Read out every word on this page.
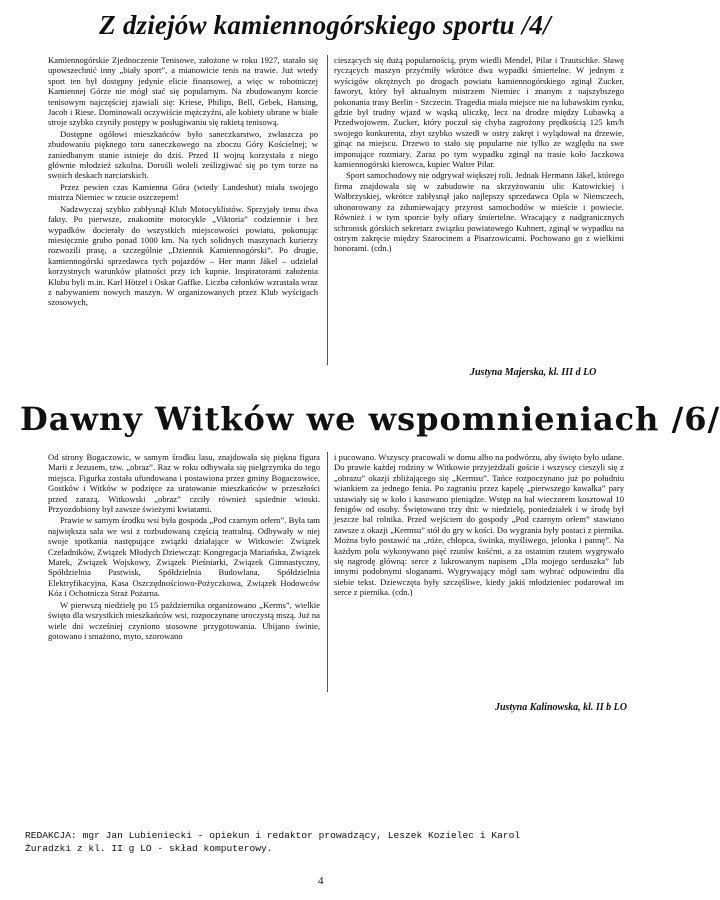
Z dziejów kamiennogórskiego sportu /4/

Kamiennogórskie Zjednoczenie Tenisowe, założone w roku 1927, starało się upowszechnić inny „biały sport”, a mianowicie tenis na trawie. Już wtedy sport ten był dostępny jedynie elicie finansowej, a więc w robotniczej Kamiennej Górze nie mógł stać się popularnym. Na zbudowanym korcie tenisowym najczęściej zjawiali się: Kriese, Philips, Bell, Gebek, Hansing, Jacob i Riese. Dominowali oczywiście mężczyźni, ale kobiety ubrane w białe stroje szybko czyniły postępy w posługiwaniu się rakietą tenisową.

Dostępne ogółowi mieszkańców było saneczkarstwo, zwłaszcza po zbudowaniu pięknego toru saneczkowego na zboczu Góry Kościelnej; w zaniedbanym stanie istnieje do dziś. Przed II wojną korzystała z niego głównie młodzież szkolna. Dorośli woleli ześlizgiwać się po tym torze na swoich deskach narciarskich.

Przez pewien czas Kamienna Góra (wtedy Landeshut) miała swojego mistrza Niemiec w rzucie oszczepem!

Nadzwyczaj szybko zabłysnął Klub Motocyklistów. Sprzyjały temu dwa fakty. Po pierwsze, znakomite motocykle „Viktoria” codziennie i bez wypadków docierały do wszystkich miejscowości powiatu, pokonując miesięcznie grubo ponad 1000 km. Na tych solidnych maszynach kurierzy rozwozili prasę, a szczególnie „Dziennik Kamiennogórski”. Po drugie, kamiennogórski sprzedawca tych pojazdów – Her mann Jäkel – udzielał korzystnych warunków płatności przy ich kupnie. Inspiratorami założenia Klubu byli m.in. Karl Hötzel i Oskar Gaffke. Liczba członków wzrastała wraz z nabywaniem nowych maszyn. W organizowanych przez Klub wyścigach szosowych,

cieszących się dużą popularnością, prym wiedli Mendel, Pilar i Trautschke. Sławę ryczących maszyn przyćmiły wkrótce dwa wypadki śmiertelne. W jednym z wyścigów okrężnych po drogach powiatu kamiennogórskiego zginął Zucker, faworyt, który był aktualnym mistrzem Niemiec i znanym z najszybszego pokonania trasy Berlin - Szczecin. Tragedia miała miejsce nie na lubawskim rynku, gdzie był trudny wjazd w wąską uliczkę, lecz na drodze między Lubawką a Przedwojowem. Zucker, który poczuł się chyba zagrożony prędkością 125 km/h swojego konkurenta, zbyt szybko wszedł w ostry zakręt i wylądował na drzewie, ginąc na miejscu. Drzewo to stało się popularne nie tylko ze względu na swe imponujące rozmiary. Zaraz po tym wypadku zginął na trasie koło Jaczkowa kamiennogórski kierowca, kupiec Walter Pilar.

Sport samochodowy nie odgrywał większej roli. Jednak Hermann Jäkel, którego firma znajdowała się w zabudowie na skrzyżowaniu ulic Katowickiej i Wałbrzyskiej, wkrótce zabłysnął jako najlepszy sprzedawca Opla w Niemczech, uhonorowany za zdumiewający przyrost samochodów w mieście i powiecie. Również i w tym sporcie były ofiary śmiertelne. Wracający z nadgranicznych schronisk górskich sekretarz związku powiatowego Kuhnert, zginął w wypadku na ostrym zakręcie między Szarocinem a Pisarzowicami. Pochowano go z wielkimi honorami. (cdn.)

Justyna Majerska, kl. III d LO
Dawny Witków we wspomnieniach /6/

Od strony Bogaczowic, w samym środku lasu, znajdowała się piękna figura Marii z Jezusem, tzw. „obraz”. Raz w roku odbywała się pielgrzymka do tego miejsca. Figurka została ufundowana i postawiona przez gminy Bogaczowice, Gostków i Witków w podzięce za uratowanie mieszkańców w przeszłości przed zarazą. Witkowski „obraz” czciły również sąsiednie wioski. Przyozdobiony był zawsze świeżymi kwiatami.

Prawie w samym środku wsi była gospoda „Pod czarnym orłem”. Była tam największa sala we wsi z rozbudowaną częścią teatralną. Odbywały w niej swoje spotkania następujące związki działające w Witkowie: Związek Czeladników, Związek Młodych Dziewcząt: Kongregacja Mariańska, Związek Matek, Związek Wojskowy, Związek Pieśniarki, Związek Gimnastyczny, Spółdzielnia Pastwisk, Spółdzielnia Budowlana, Spółdzielnia Elektryfikacyjna, Kasa Oszczędnościowo-Pożyczkowa, Związek Hodowców Kóz i Ochotnicza Straż Pożarna.

W pierwszą niedzielę po 15 października organizowano „Kerms”, wielkie święto dla wszystkich mieszkańców wsi, rozpoczynane uroczystą mszą. Już na wiele dni wcześniej czyniono stosowne przygotowania. Ubijano świnie, gotowano i smażono, myto, szorowano

i pucowano. Wszyscy pracowali w domu albo na podwórzu, aby święto było udane. Do prawie każdej rodziny w Witkowie przyjeżdżali goście i wszyscy cieszyli się z „obrazu” okazji zbliżającego się „Kermsu”. Tańce rozpoczynano już po południu wiankiem za jednego fenia. Po zagraniu przez kapelę „pierwszego kawałka” pary ustawiały się w koło i kasowano pieniądze. Wstęp na bal wieczorem kosztował 10 fenigów od osoby. Świętowano trzy dni: w niedzielę, poniedziałek i w środę był jeszcze bal rolnika. Przed wejściem do gospody „Pod czarnym orłem” stawiano zawsze z okazji „Kermsu” stół do gry w kości. Do wygrania były postaci z piernika. Można było postawić na „róże, chłopca, świnka, myśliwego, jelonka i pannę”. Na każdym polu wykonywano pięć rzutów kośćmi, a za ostatnim rzutem wygrywało się nagrodę główną: serce z lukrowanym napisem „Dla mojego serduszka” lub innymi podobnymi sloganami. Wygrywający mógł sam wybrać odpowiedni dla siebie tekst. Dziewczęta były szczęśliwe, kiedy jakiś młodzieniec podarował im serce z piernika. (cdn.)

Justyna Kalinowska, kl. II b LO
REDAKCJA: mgr Jan Lubieniecki - opiekun i redaktor prowadzący, Leszek Kozielec i Karol
Żuradzki z kl. II g LO - skład komputerowy.
4
